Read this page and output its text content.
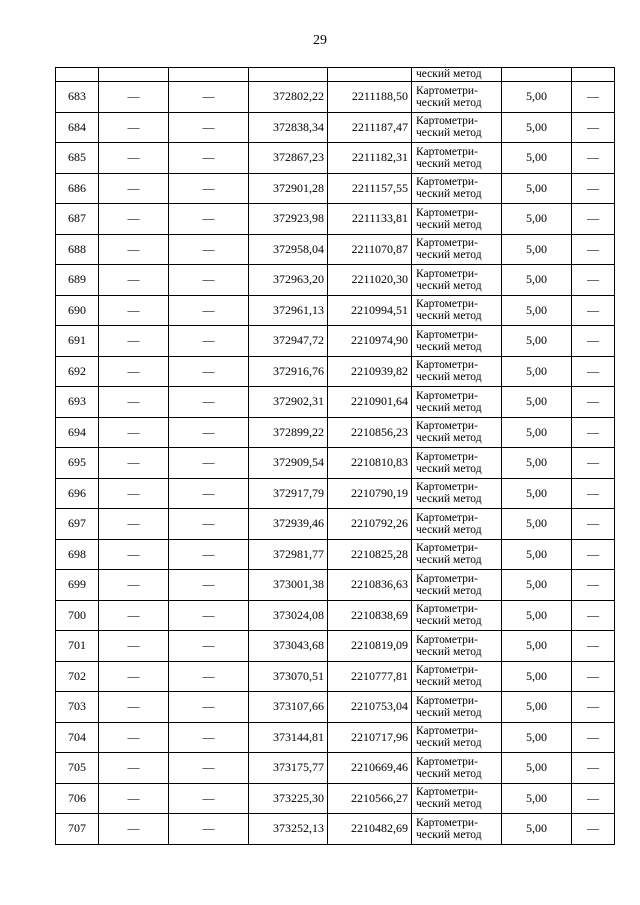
29

					ческий метод		

683	—	—	372802,22	2211188,50	Картометри-
ческий метод	5,00	—
684	—	—	372838,34	2211187,47	Картометри-
ческий метод	5,00	—
685	—	—	372867,23	2211182,31	Картометри-
ческий метод	5,00	—
686	—	—	372901,28	2211157,55	Картометри-
ческий метод	5,00	—
687	—	—	372923,98	2211133,81	Картометри-
ческий метод	5,00	—
688	—	—	372958,04	2211070,87	Картометри-
ческий метод	5,00	—
689	—	—	372963,20	2211020,30	Картометри-
ческий метод	5,00	—
690	—	—	372961,13	2210994,51	Картометри-
ческий метод	5,00	—
691	—	—	372947,72	2210974,90	Картометри-
ческий метод	5,00	—
692	—	—	372916,76	2210939,82	Картометри-
ческий метод	5,00	—
693	—	—	372902,31	2210901,64	Картометри-
ческий метод	5,00	—
694	—	—	372899,22	2210856,23	Картометри-
ческий метод	5,00	—
695	—	—	372909,54	2210810,83	Картометри-
ческий метод	5,00	—
696	—	—	372917,79	2210790,19	Картометри-
ческий метод	5,00	—
697	—	—	372939,46	2210792,26	Картометри-
ческий метод	5,00	—
698	—	—	372981,77	2210825,28	Картометри-
ческий метод	5,00	—
699	—	—	373001,38	2210836,63	Картометри-
ческий метод	5,00	—
700	—	—	373024,08	2210838,69	Картометри-
ческий метод	5,00	—
701	—	—	373043,68	2210819,09	Картометри-
ческий метод	5,00	—
702	—	—	373070,51	2210777,81	Картометри-
ческий метод	5,00	—
703	—	—	373107,66	2210753,04	Картометри-
ческий метод	5,00	—
704	—	—	373144,81	2210717,96	Картометри-
ческий метод	5,00	—
705	—	—	373175,77	2210669,46	Картометри-
ческий метод	5,00	—
706	—	—	373225,30	2210566,27	Картометри-
ческий метод	5,00	—
707	—	—	373252,13	2210482,69	Картометри-
ческий метод	5,00	—
